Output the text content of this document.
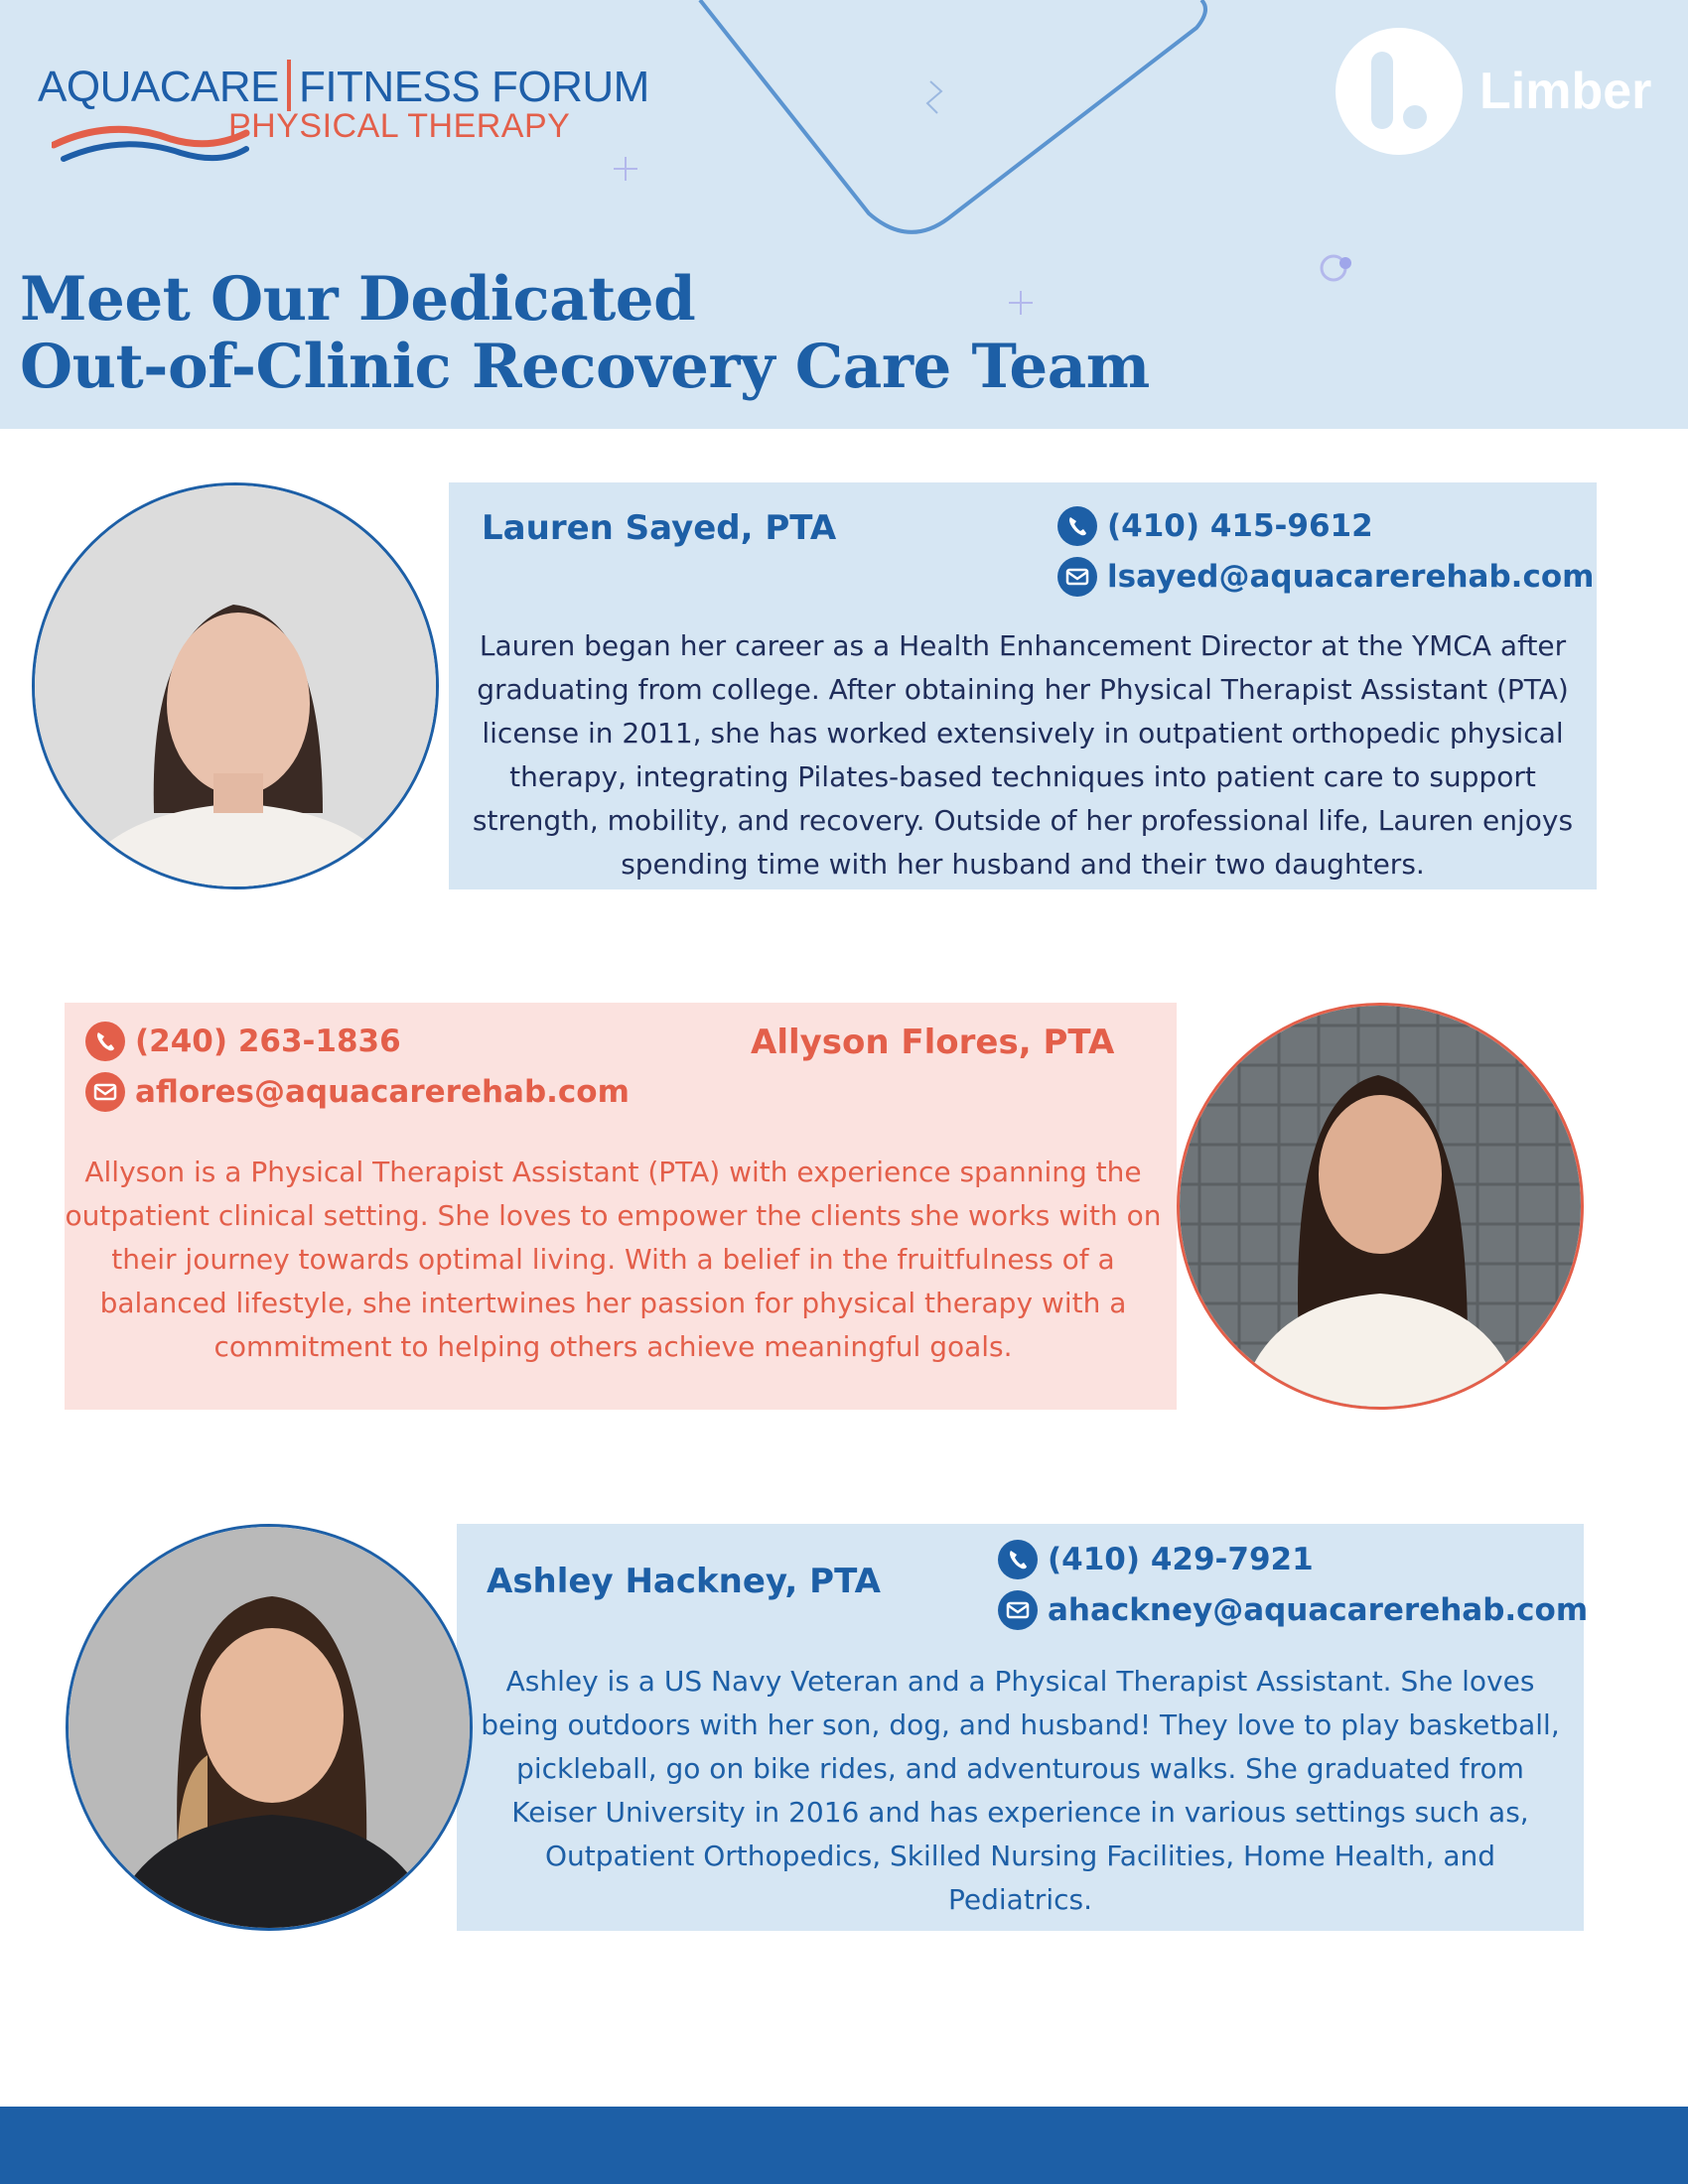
AQUACARE FITNESS FORUM
PHYSICAL THERAPY
Limber
Meet Our Dedicated
Out-of-Clinic Recovery Care Team
Lauren Sayed, PTA	(410) 415-9612
lsayed@aquacarerehab.com

Lauren began her career as a Health Enhancement Director at the YMCA after graduating from college. After obtaining her Physical Therapist Assistant (PTA) license in 2011, she has worked extensively in outpatient orthopedic physical therapy, integrating Pilates-based techniques into patient care to support strength, mobility, and recovery. Outside of her professional life, Lauren enjoys spending time with her husband and their two daughters.

(240) 263-1836
aflores@aquacarerehab.com
Allyson Flores, PTA

Allyson is a Physical Therapist Assistant (PTA) with experience spanning the outpatient clinical setting. She loves to empower the clients she works with on their journey towards optimal living. With a belief in the fruitfulness of a balanced lifestyle, she intertwines her passion for physical therapy with a commitment to helping others achieve meaningful goals.

Ashley Hackney, PTA
(410) 429-7921
ahackney@aquacarerehab.com

Ashley is a US Navy Veteran and a Physical Therapist Assistant. She loves being outdoors with her son, dog, and husband! They love to play basketball, pickleball, go on bike rides, and adventurous walks. She graduated from Keiser University in 2016 and has experience in various settings such as, Outpatient Orthopedics, Skilled Nursing Facilities, Home Health, and Pediatrics.
